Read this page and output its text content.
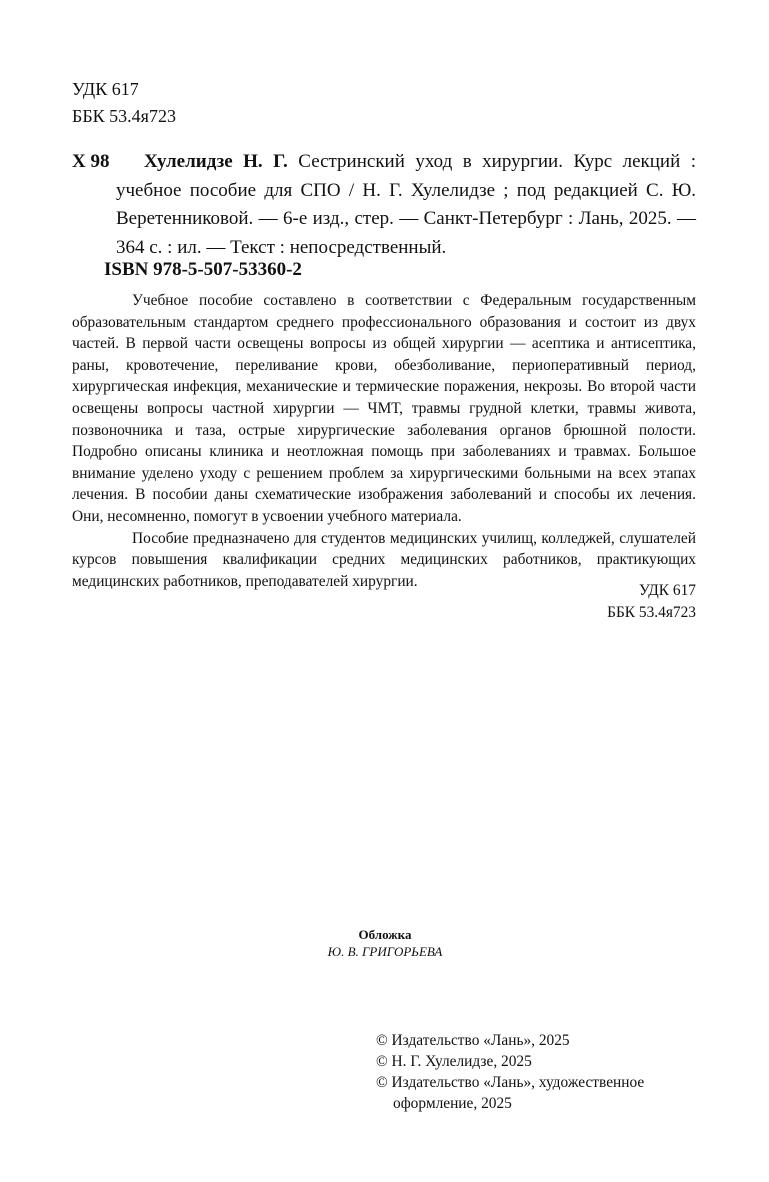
УДК 617
ББК 53.4я723
Х 98	Хулелидзе Н. Г. Сестринский уход в хирургии. Курс лекций : учебное пособие для СПО / Н. Г. Хулелидзе ; под редакцией С. Ю. Веретенниковой. — 6-е изд., стер. — Санкт-Петербург : Лань, 2025. — 364 с. : ил. — Текст : непосредственный.
ISBN 978-5-507-53360-2

Учебное пособие составлено в соответствии с Федеральным государственным образовательным стандартом среднего профессионального образования и состоит из двух частей. В первой части освещены вопросы из общей хирургии — асептика и антисептика, раны, кровотечение, переливание крови, обезболивание, периоперативный период, хирургическая инфекция, механические и термические поражения, некрозы. Во второй части освещены вопросы частной хирургии — ЧМТ, травмы грудной клетки, травмы живота, позвоночника и таза, острые хирургические заболевания органов брюшной полости. Подробно описаны клиника и неотложная помощь при заболеваниях и травмах. Большое внимание уделено уходу с решением проблем за хирургическими больными на всех этапах лечения. В пособии даны схематические изображения заболеваний и способы их лечения. Они, несомненно, помогут в усвоении учебного материала.

Пособие предназначено для студентов медицинских училищ, колледжей, слушателей курсов повышения квалификации средних медицинских работников, практикующих медицинских работников, преподавателей хирургии.

УДК 617
ББК 53.4я723
Обложка
Ю. В. ГРИГОРЬЕВА
© Издательство «Лань», 2025
© Н. Г. Хулелидзе, 2025
© Издательство «Лань», художественное
оформление, 2025
